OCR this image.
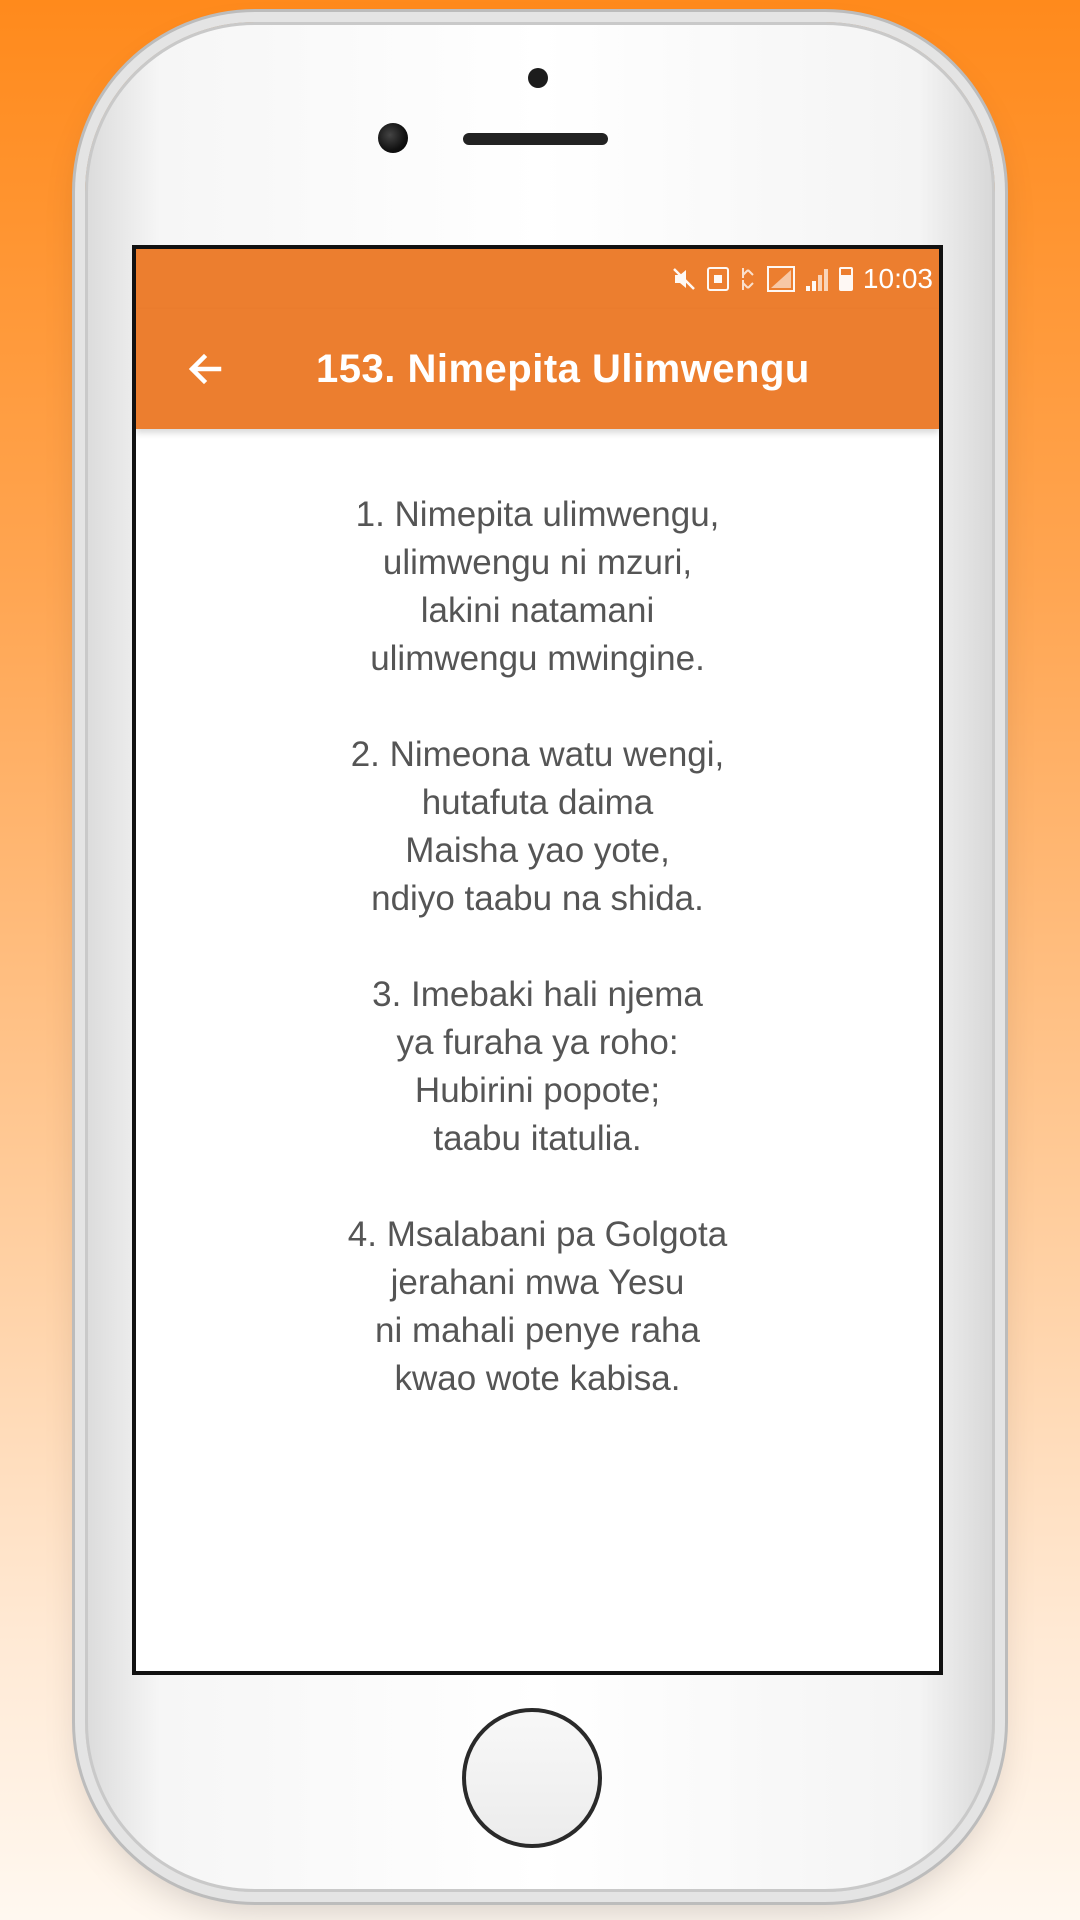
10:03
153. Nimepita Ulimwengu
1. Nimepita ulimwengu,
ulimwengu ni mzuri,
lakini natamani
ulimwengu mwingine.
2. Nimeona watu wengi,
hutafuta daima
Maisha yao yote,
ndiyo taabu na shida.
3. Imebaki hali njema
ya furaha ya roho:
Hubirini popote;
taabu itatulia.
4. Msalabani pa Golgota
jerahani mwa Yesu
ni mahali penye raha
kwao wote kabisa.
